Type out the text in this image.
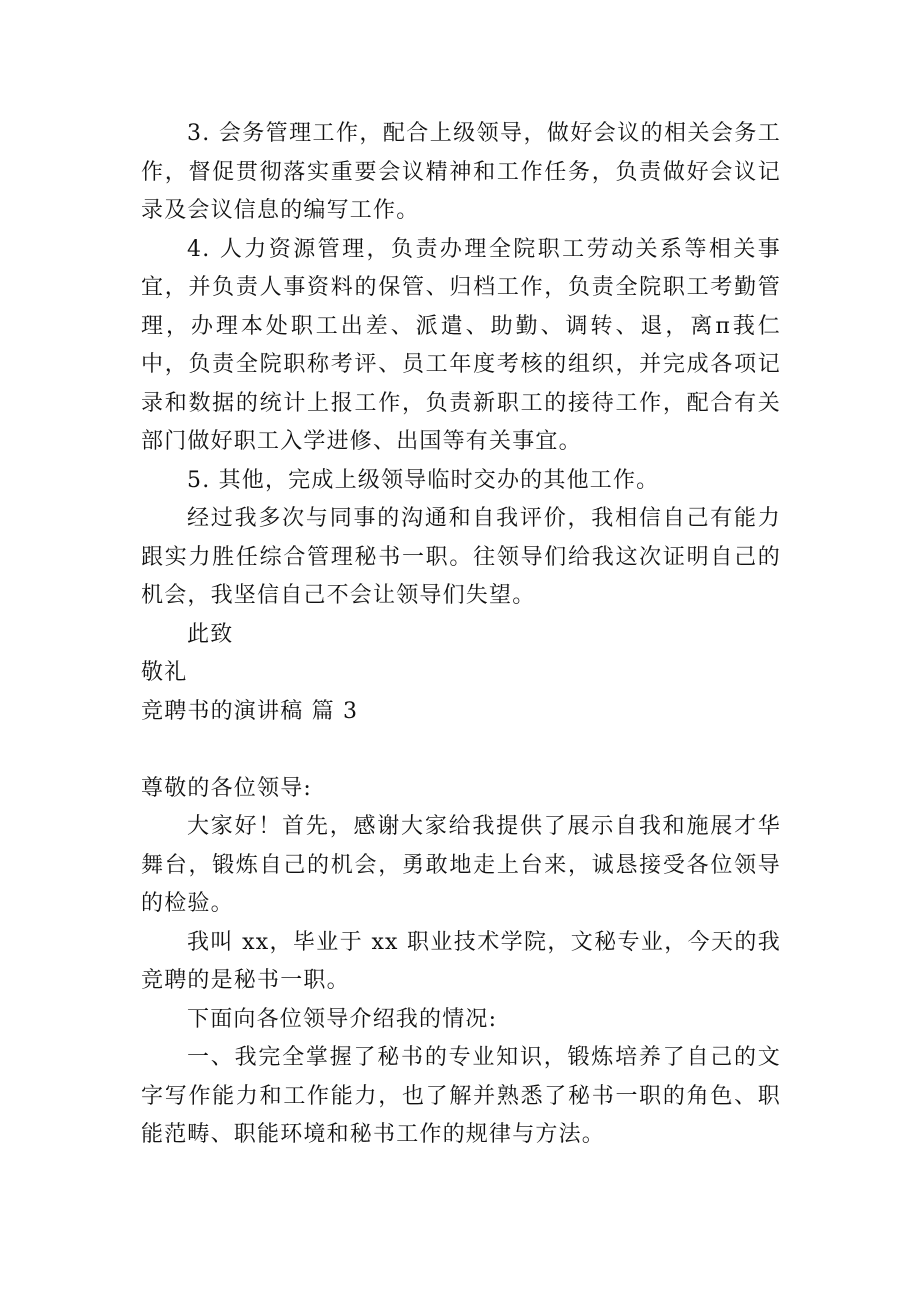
3. 会务管理工作，配合上级领导，做好会议的相关会务工作，督促贯彻落实重要会议精神和工作任务，负责做好会议记录及会议信息的编写工作。

4. 人力资源管理，负责办理全院职工劳动关系等相关事宜，并负责人事资料的保管、归档工作，负责全院职工考勤管理，办理本处职工出差、派遣、助勤、调转、退，离π莪仁中，负责全院职称考评、员工年度考核的组织，并完成各项记录和数据的统计上报工作，负责新职工的接待工作，配合有关部门做好职工入学进修、出国等有关事宜。

5. 其他，完成上级领导临时交办的其他工作。

经过我多次与同事的沟通和自我评价，我相信自己有能力跟实力胜任综合管理秘书一职。往领导们给我这次证明自己的机会，我坚信自己不会让领导们失望。

此致

敬礼

竞聘书的演讲稿 篇 3

尊敬的各位领导:

大家好！首先，感谢大家给我提供了展示自我和施展才华舞台，锻炼自己的机会，勇敢地走上台来，诚恳接受各位领导的检验。

我叫 xx，毕业于 xx 职业技术学院，文秘专业，今天的我竞聘的是秘书一职。

下面向各位领导介绍我的情况:

一、我完全掌握了秘书的专业知识，锻炼培养了自己的文字写作能力和工作能力，也了解并熟悉了秘书一职的角色、职能范畴、职能环境和秘书工作的规律与方法。
